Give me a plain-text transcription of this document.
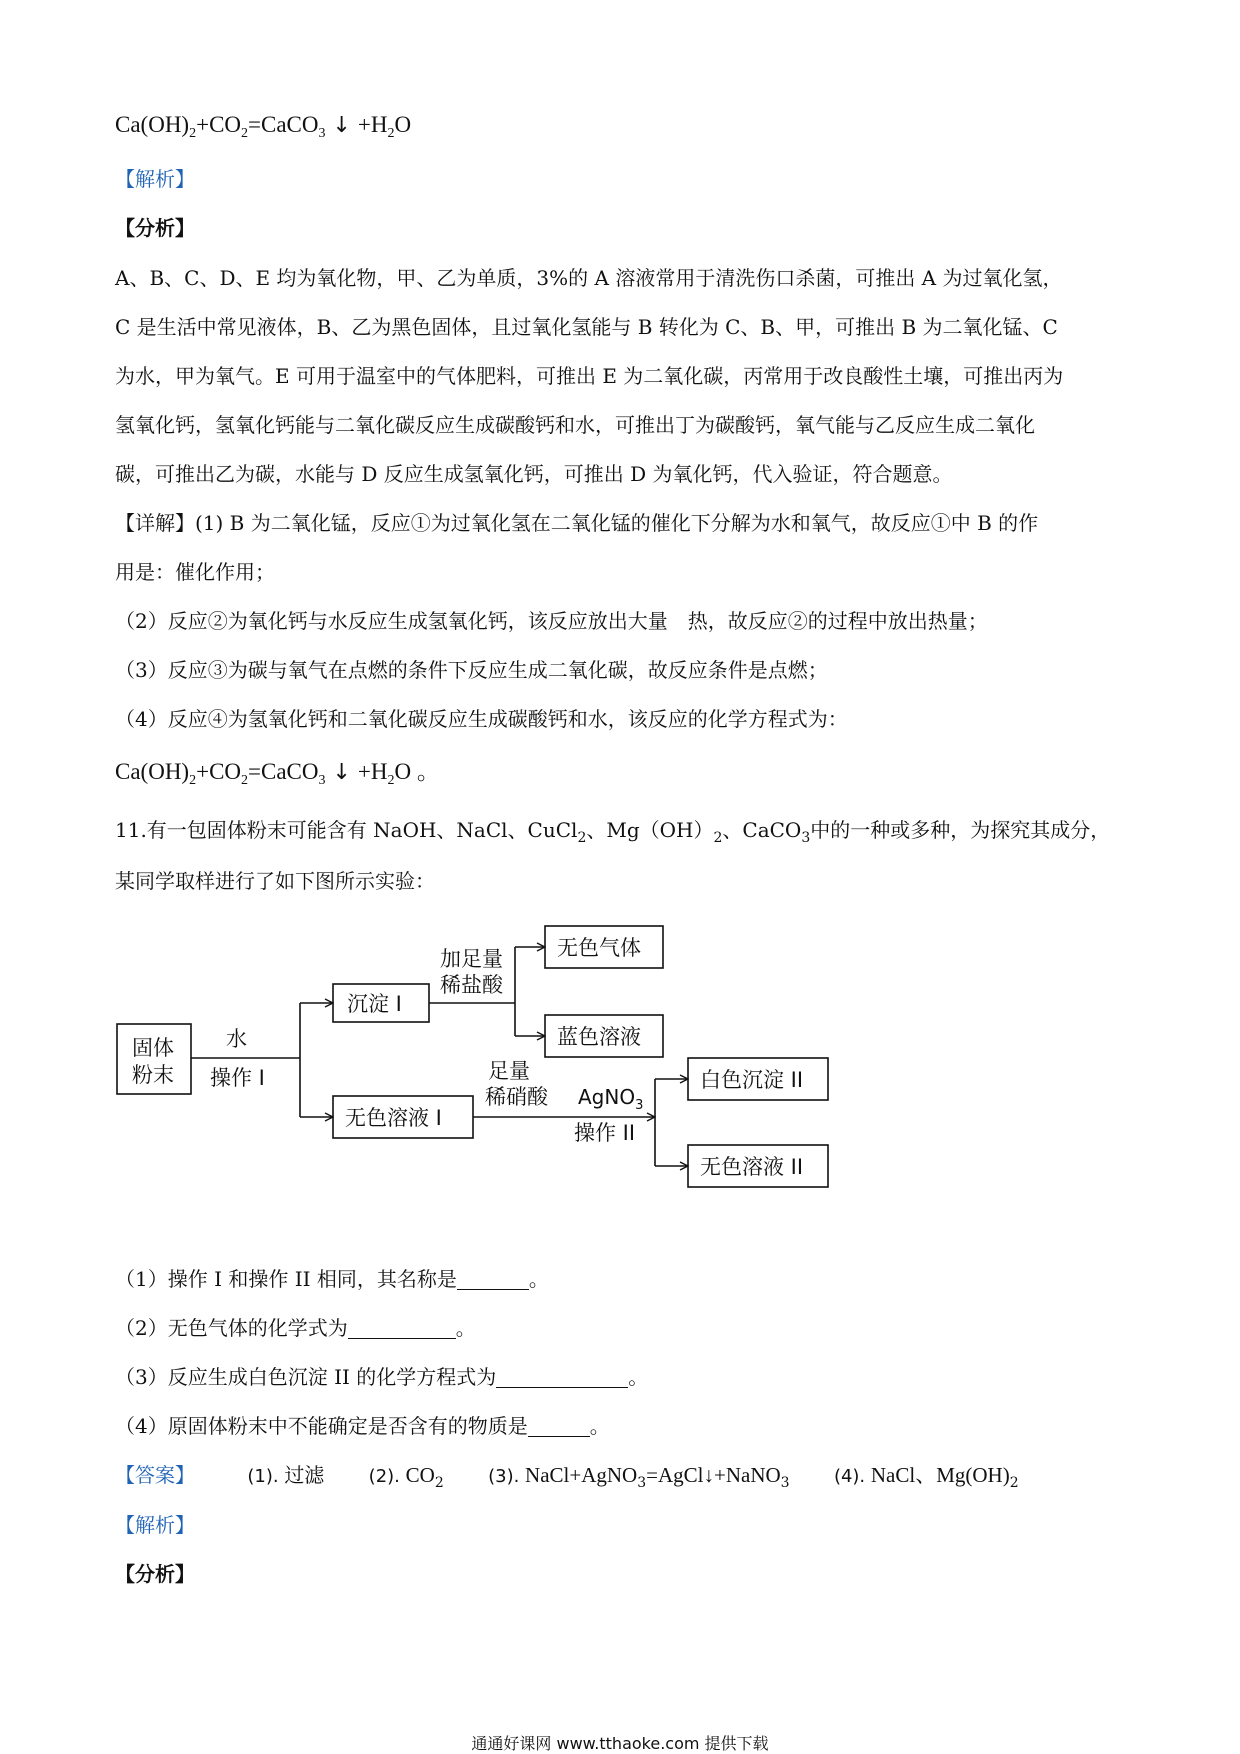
$Ca(OH)_2+CO_2=CaCO_3$ ↓ $+H_2O$
【解析】
【分析】
A、B、C、D、E 均为氧化物，甲、乙为单质，3%的 A 溶液常用于清洗伤口杀菌，可推出 A 为过氧化氢，
C 是生活中常见液体，B、乙为黑色固体，且过氧化氢能与 B 转化为 C、B、甲，可推出 B 为二氧化锰、C
为水，甲为氧气。E 可用于温室中的气体肥料，可推出 E 为二氧化碳，丙常用于改良酸性土壤，可推出丙为
氢氧化钙，氢氧化钙能与二氧化碳反应生成碳酸钙和水，可推出丁为碳酸钙，氧气能与乙反应生成二氧化
碳，可推出乙为碳，水能与 D 反应生成氢氧化钙，可推出 D 为氧化钙，代入验证，符合题意。
【详解】(1) B 为二氧化锰，反应①为过氧化氢在二氧化锰的催化下分解为水和氧气，故反应①中 B 的作
用是：催化作用；
（2）反应②为氧化钙与水反应生成氢氧化钙，该反应放出大量　热，故反应②的过程中放出热量；
（3）反应③为碳与氧气在点燃的条件下反应生成二氧化碳，故反应条件是点燃；
（4）反应④为氢氧化钙和二氧化碳反应生成碳酸钙和水，该反应的化学方程式为：
$Ca(OH)_2+CO_2=CaCO_3$ ↓ $+H_2O$ 。
11.有一包固体粉末可能含有 NaOH、NaCl、CuCl$_2$、$Mg(OH)_2$、CaCO$_3$中的一种或多种，为探究其成分，
某同学取样进行了如下图所示实验：
固体
粉末
水
操作 I
沉淀 I
加足量
稀盐酸
无色气体
蓝色溶液
无色溶液 I
足量
稀硝酸 AgNO$_3$
操作 II
白色沉淀 II
无色溶液 II
（1）操作 I 和操作 II 相同，其名称是	。
（2）无色气体的化学式为	。
（3）反应生成白色沉淀 II 的化学方程式为	。
（4）原固体粉末中不能确定是否含有的物质是	。
【答案】	(1). 过滤 (2). $CO_2$ (3). NaCl+AgNO$_3$=AgCl↓+NaNO$_3$ (4). NaCl、$Mg(OH)_2$
【解析】
【分析】
通通好课网 www.tthaoke.com 提供下载
